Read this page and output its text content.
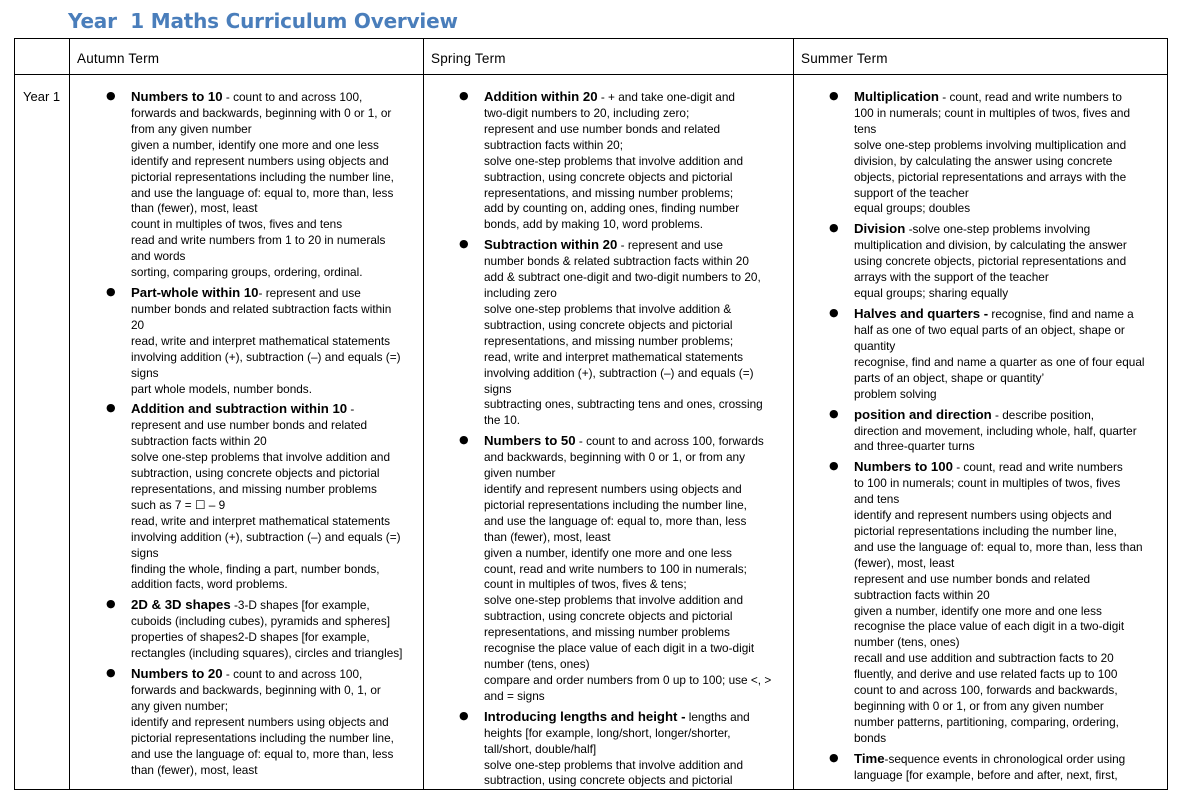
Year  1 Maths Curriculum Overview
Autumn Term	Spring Term	Summer Term
Year 1
●	Numbers to 10 - count to and across 100,
forwards and backwards, beginning with 0 or 1, or
from any given number
given a number, identify one more and one less
identify and represent numbers using objects and
pictorial representations including the number line,
and use the language of: equal to, more than, less
than (fewer), most, least
count in multiples of twos, fives and tens
read and write numbers from 1 to 20 in numerals
and words
sorting, comparing groups, ordering, ordinal.
● Part-whole within 10- represent and use
number bonds and related subtraction facts within
20
read, write and interpret mathematical statements
involving addition (+), subtraction (–) and equals (=)
signs
part whole models, number bonds.
● Addition and subtraction within 10 -
represent and use number bonds and related
subtraction facts within 20
solve one-step problems that involve addition and
subtraction, using concrete objects and pictorial
representations, and missing number problems
such as 7 = ☐ – 9
read, write and interpret mathematical statements
involving addition (+), subtraction (–) and equals (=)
signs
finding the whole, finding a part, number bonds,
addition facts, word problems.
● 2D & 3D shapes -3-D shapes [for example,
cuboids (including cubes), pyramids and spheres]
properties of shapes2-D shapes [for example,
rectangles (including squares), circles and triangles]
● Numbers to 20 - count to and across 100,
forwards and backwards, beginning with 0, 1, or
any given number;
identify and represent numbers using objects and
pictorial representations including the number line,
and use the language of: equal to, more than, less
than (fewer), most, least
● Addition within 20 - + and take one-digit and
two-digit numbers to 20, including zero;
represent and use number bonds and related
subtraction facts within 20;
solve one-step problems that involve addition and
subtraction, using concrete objects and pictorial
representations, and missing number problems;
add by counting on, adding ones, finding number
bonds, add by making 10, word problems.
● Subtraction within 20 - represent and use
number bonds & related subtraction facts within 20
add & subtract one-digit and two-digit numbers to 20,
including zero
solve one-step problems that involve addition &
subtraction, using concrete objects and pictorial
representations, and missing number problems;
read, write and interpret mathematical statements
involving addition (+), subtraction (–) and equals (=)
signs
subtracting ones, subtracting tens and ones, crossing
the 10.
● Numbers to 50 - count to and across 100, forwards
and backwards, beginning with 0 or 1, or from any
given number
identify and represent numbers using objects and
pictorial representations including the number line,
and use the language of: equal to, more than, less
than (fewer), most, least
given a number, identify one more and one less
count, read and write numbers to 100 in numerals;
count in multiples of twos, fives & tens;
solve one-step problems that involve addition and
subtraction, using concrete objects and pictorial
representations, and missing number problems
recognise the place value of each digit in a two-digit
number (tens, ones)
compare and order numbers from 0 up to 100; use <, >
and = signs
● Introducing lengths and height - lengths and
heights [for example, long/short, longer/shorter,
tall/short, double/half]
solve one-step problems that involve addition and
subtraction, using concrete objects and pictorial
● Multiplication - count, read and write numbers to
100 in numerals; count in multiples of twos, fives and
tens
solve one-step problems involving multiplication and
division, by calculating the answer using concrete
objects, pictorial representations and arrays with the
support of the teacher
equal groups; doubles
● Division -solve one-step problems involving
multiplication and division, by calculating the answer
using concrete objects, pictorial representations and
arrays with the support of the teacher
equal groups; sharing equally
● Halves and quarters - recognise, find and name a
half as one of two equal parts of an object, shape or
quantity
recognise, find and name a quarter as one of four equal
parts of an object, shape or quantity’
problem solving
● position and direction - describe position,
direction and movement, including whole, half, quarter
and three-quarter turns
● Numbers to 100 - count, read and write numbers
to 100 in numerals; count in multiples of twos, fives
and tens
identify and represent numbers using objects and
pictorial representations including the number line,
and use the language of: equal to, more than, less than
(fewer), most, least
represent and use number bonds and related
subtraction facts within 20
given a number, identify one more and one less
recognise the place value of each digit in a two-digit
number (tens, ones)
recall and use addition and subtraction facts to 20
fluently, and derive and use related facts up to 100
count to and across 100, forwards and backwards,
beginning with 0 or 1, or from any given number
number patterns, partitioning, comparing, ordering,
bonds
● Time-sequence events in chronological order using
language [for example, before and after, next, first,
